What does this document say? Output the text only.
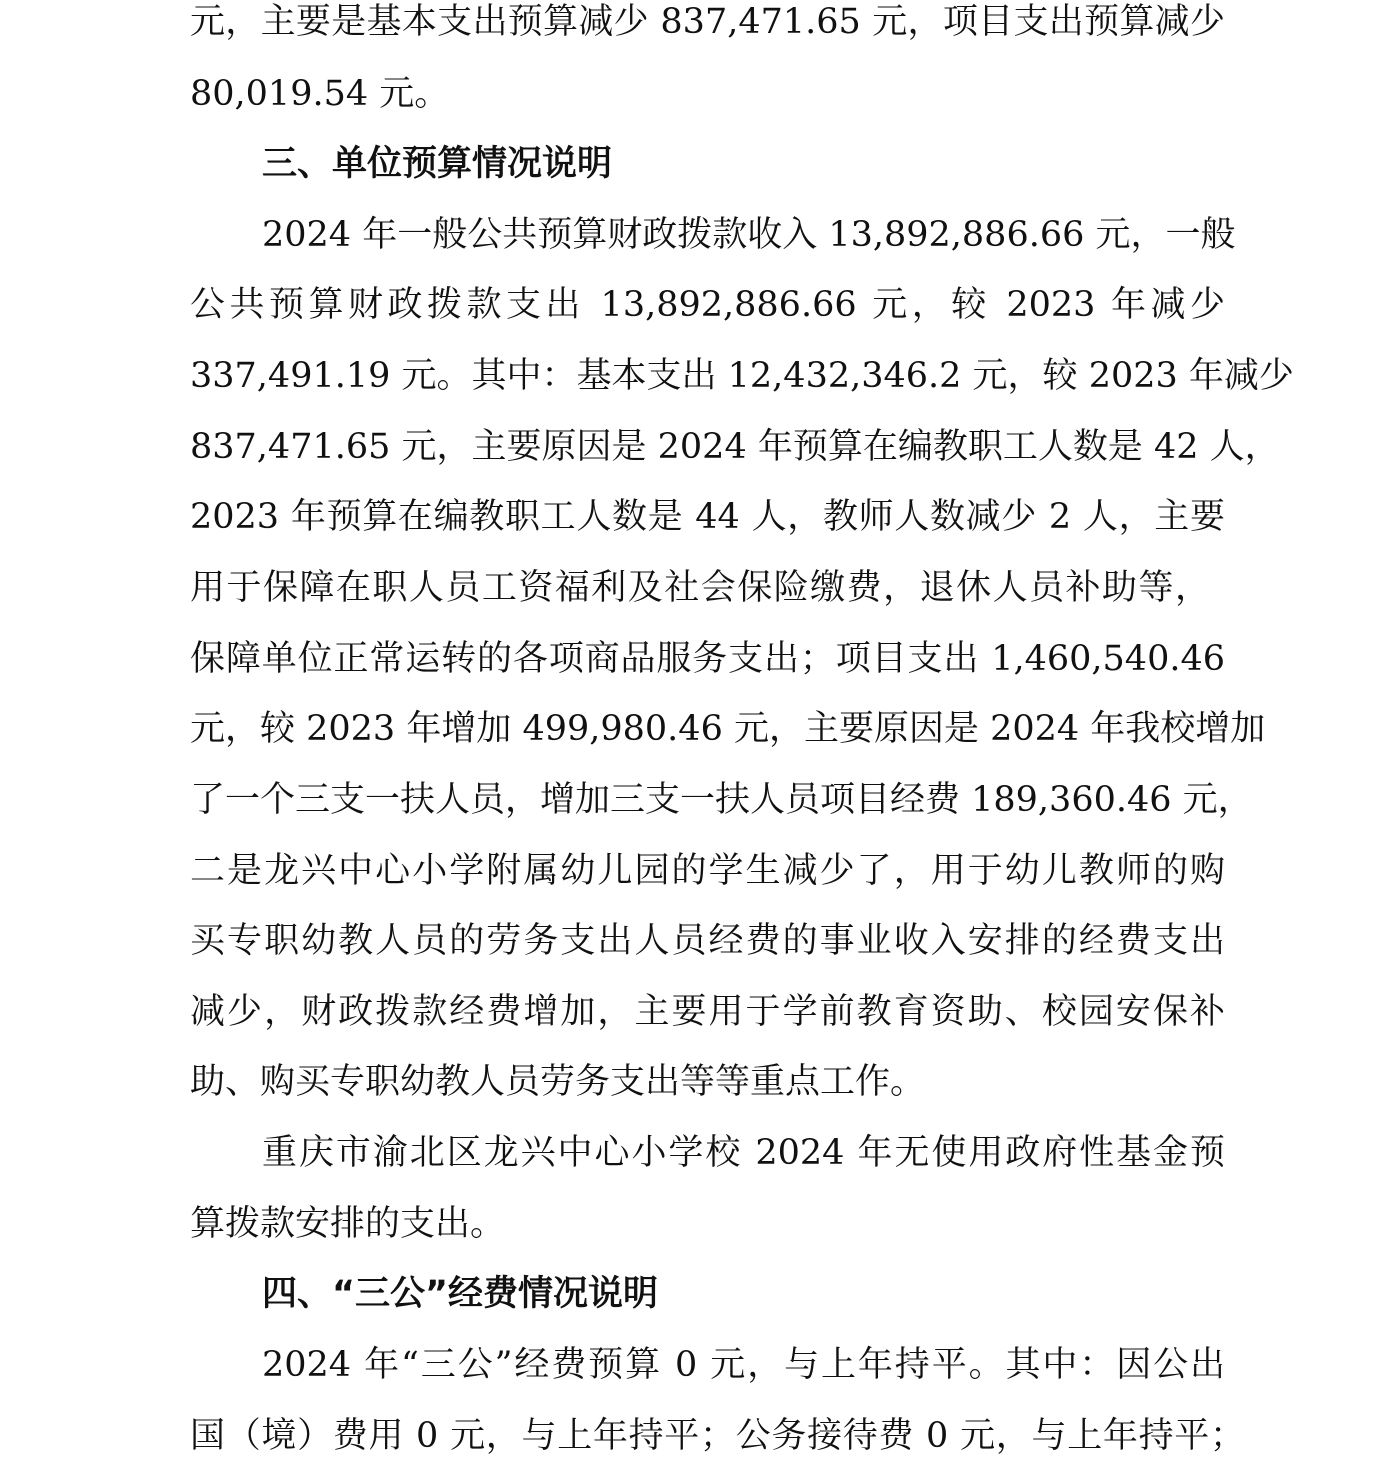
元，主要是基本支出预算减少 837,471.65 元，项目支出预算减少
80,019.54 元。
三、单位预算情况说明
2024 年一般公共预算财政拨款收入 13,892,886.66 元，一般
公共预算财政拨款支出 13,892,886.66 元，较 2023 年减少
337,491.19 元。其中：基本支出 12,432,346.2 元，较 2023 年减少
837,471.65 元，主要原因是 2024 年预算在编教职工人数是 42 人，
2023 年预算在编教职工人数是 44 人，教师人数减少 2 人，主要
用于保障在职人员工资福利及社会保险缴费，退休人员补助等，
保障单位正常运转的各项商品服务支出；项目支出 1,460,540.46
元，较 2023 年增加 499,980.46 元，主要原因是 2024 年我校增加
了一个三支一扶人员，增加三支一扶人员项目经费 189,360.46 元，
二是龙兴中心小学附属幼儿园的学生减少了，用于幼儿教师的购
买专职幼教人员的劳务支出人员经费的事业收入安排的经费支出
减少，财政拨款经费增加，主要用于学前教育资助、校园安保补
助、购买专职幼教人员劳务支出等等重点工作。
重庆市渝北区龙兴中心小学校 2024 年无使用政府性基金预
算拨款安排的支出。
四、“三公”经费情况说明
2024 年“三公”经费预算 0 元，与上年持平。其中：因公出
国（境）费用 0 元，与上年持平；公务接待费 0 元，与上年持平；
